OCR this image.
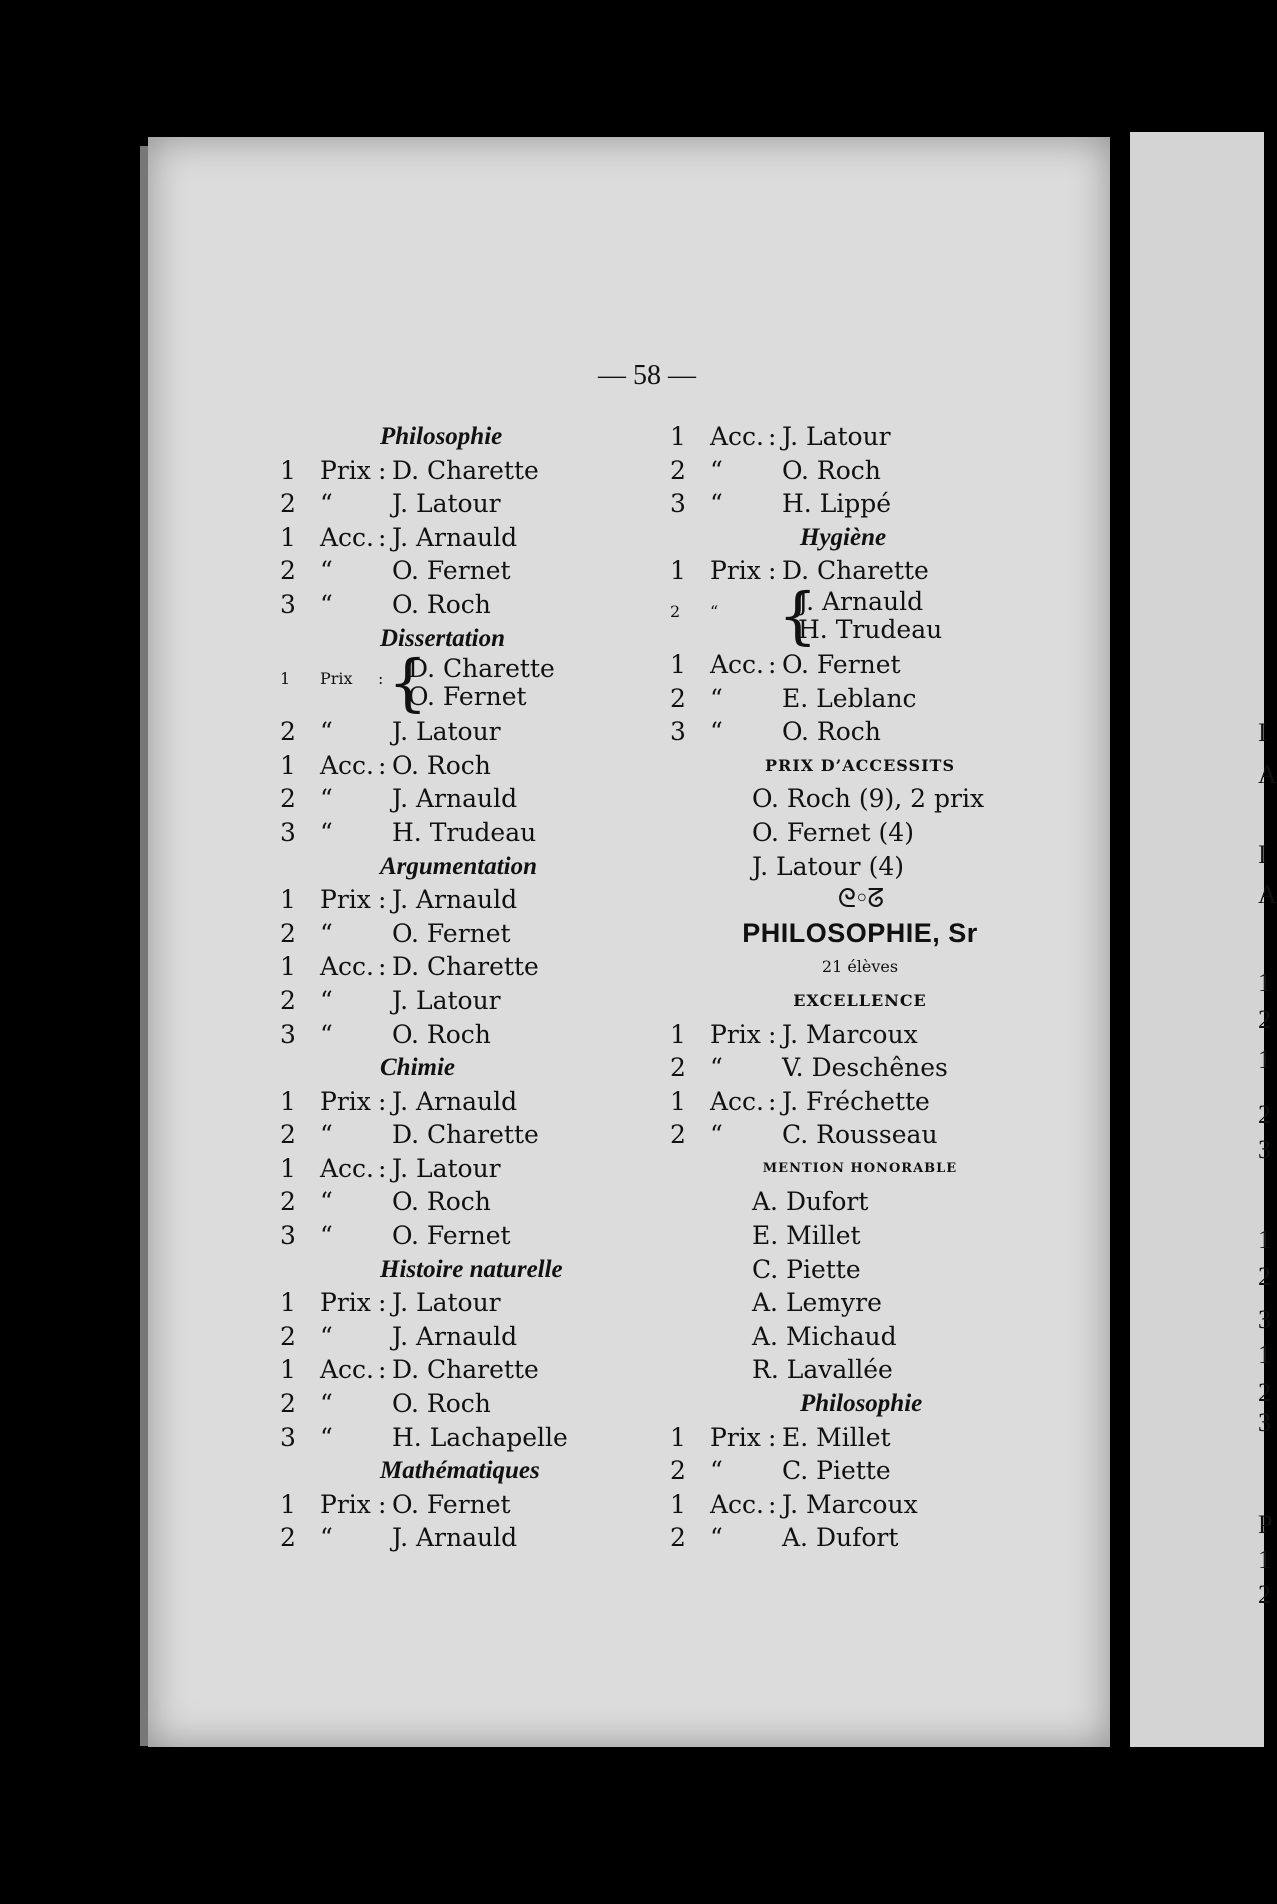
I
A
I
A
1
2
1
2
3
1
2
3
1
2
3
P
1
2
— 58 —
Philosophie
1 Prix : D. Charette
2 “ J. Latour
1 Acc. : J. Arnauld
2 “ O. Fernet
3 “ O. Roch
Dissertation
1 Prix : {
D. Charette
O. Fernet
2 “ J. Latour
1 Acc. : O. Roch
2 “ J. Arnauld
3 “ H. Trudeau
Argumentation
1 Prix : J. Arnauld
2 “ O. Fernet
1 Acc. : D. Charette
2 “ J. Latour
3 “ O. Roch
Chimie
1 Prix : J. Arnauld
2 “ D. Charette
1 Acc. : J. Latour
2 “ O. Roch
3 “ O. Fernet
Histoire naturelle
1 Prix : J. Latour
2 “ J. Arnauld
1 Acc. : D. Charette
2 “ O. Roch
3 “ H. Lachapelle
Mathématiques
1 Prix : O. Fernet
2 “ J. Arnauld
1 Acc. : J. Latour
2 “ O. Roch
3 “ H. Lippé
Hygiène
1 Prix : D. Charette
2 “ {
J. Arnauld
H. Trudeau
1 Acc. : O. Fernet
2 “ E. Leblanc
3 “ O. Roch
PRIX D’ACCESSITS
O. Roch (9), 2 prix
O. Fernet (4)
J. Latour (4)
ᘓ◦ᘔ
PHILOSOPHIE, Sr
21 élèves
EXCELLENCE
1 Prix : J. Marcoux
2 “ V. Deschênes
1 Acc. : J. Fréchette
2 “ C. Rousseau
MENTION HONORABLE
A. Dufort
E. Millet
C. Piette
A. Lemyre
A. Michaud
R. Lavallée
Philosophie
1 Prix : E. Millet
2 “ C. Piette
1 Acc. : J. Marcoux
2 “ A. Dufort
